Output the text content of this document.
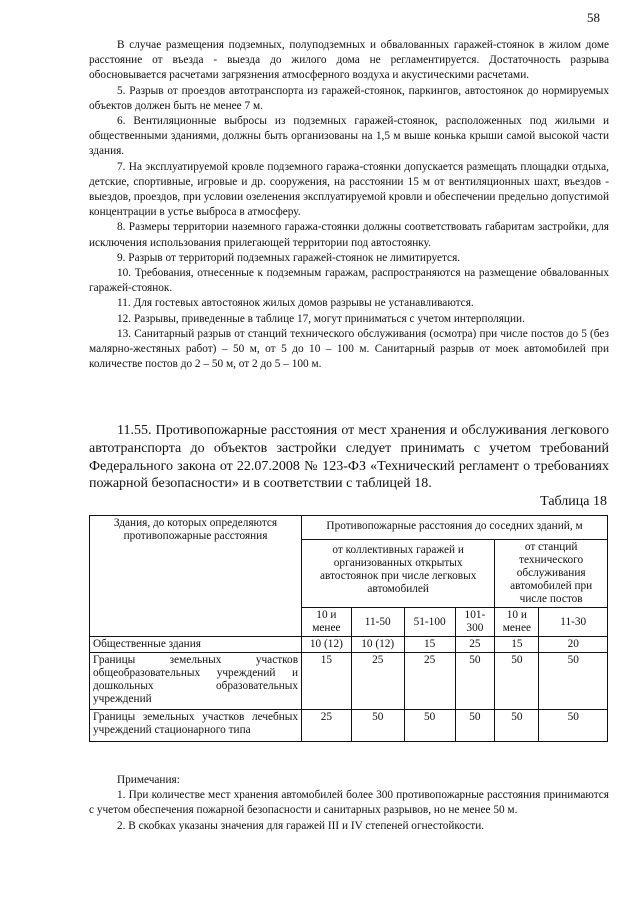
58

В случае размещения подземных, полуподземных и обвалованных гаражей-стоянок в жилом доме расстояние от въезда - выезда до жилого дома не регламентируется. Достаточность разрыва обосновывается расчетами загрязнения атмосферного воздуха и акустическими расчетами.

5. Разрыв от проездов автотранспорта из гаражей-стоянок, паркингов, автостоянок до нормируемых объектов должен быть не менее 7 м.

6. Вентиляционные выбросы из подземных гаражей-стоянок, расположенных под жилыми и общественными зданиями, должны быть организованы на 1,5 м выше конька крыши самой высокой части здания.

7. На эксплуатируемой кровле подземного гаража-стоянки допускается размещать площадки отдыха, детские, спортивные, игровые и др. сооружения, на расстоянии 15 м от вентиляционных шахт, въездов - выездов, проездов, при условии озеленения эксплуатируемой кровли и обеспечении предельно допустимой концентрации в устье выброса в атмосферу.

8. Размеры территории наземного гаража-стоянки должны соответствовать габаритам застройки, для исключения использования прилегающей территории под автостоянку.

9. Разрыв от территорий подземных гаражей-стоянок не лимитируется.

10. Требования, отнесенные к подземным гаражам, распространяются на размещение обвалованных гаражей-стоянок.

11. Для гостевых автостоянок жилых домов разрывы не устанавливаются.

12. Разрывы, приведенные в таблице 17, могут приниматься с учетом интерполяции.

13. Санитарный разрыв от станций технического обслуживания (осмотра) при числе постов до 5 (без малярно-жестяных работ) – 50 м, от 5 до 10 – 100 м. Санитарный разрыв от моек автомобилей при количестве постов до 2 – 50 м, от 2 до 5 – 100 м.

11.55. Противопожарные расстояния от мест хранения и обслуживания легкового автотранспорта до объектов застройки следует принимать с учетом требований Федерального закона от 22.07.2008 № 123-ФЗ «Технический регламент о требованиях пожарной безопасности» и в соответствии с таблицей 18.

Таблица 18
Здания, до которых определяются противопожарные расстояния	Противопожарные расстояния до соседних зданий, м					
	от коллективных гаражей и организованных открытых автостоянок при числе легковых автомобилей				от станций технического обслуживания автомобилей при числе постов	
	10 и менее	11-50	51-100	101-300	10 и менее	11-30
Общественные здания	10 (12)	10 (12)	15	25	15	20
Границы земельных участков общеобразовательных учреждений и дошкольных образовательных учреждений	15	25	25	50	50	50
Границы земельных участков лечебных учреждений стационарного типа	25	50	50	50	50	50

Примечания:

1. При количестве мест хранения автомобилей более 300 противопожарные расстояния принимаются с учетом обеспечения пожарной безопасности и санитарных разрывов, но не менее 50 м.

2. В скобках указаны значения для гаражей III и IV степеней огнестойкости.
